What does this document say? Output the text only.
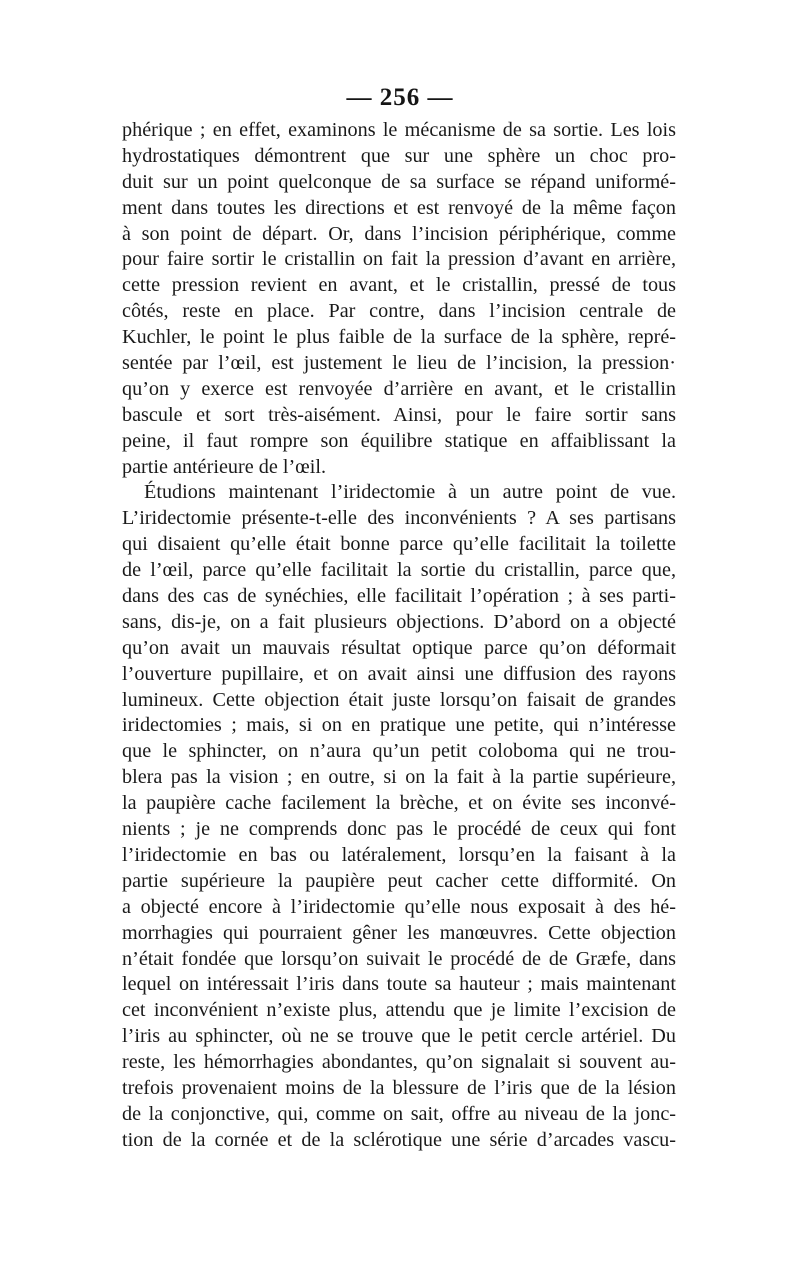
— 256 —
phérique ; en effet, examinons le mécanisme de sa sortie. Les lois
hydrostatiques démontrent que sur une sphère un choc pro-
duit sur un point quelconque de sa surface se répand uniformé-
ment dans toutes les directions et est renvoyé de la même façon
à son point de départ. Or, dans l’incision périphérique, comme
pour faire sortir le cristallin on fait la pression d’avant en arrière,
cette pression revient en avant, et le cristallin, pressé de tous
côtés, reste en place. Par contre, dans l’incision centrale de
Kuchler, le point le plus faible de la surface de la sphère, repré-
sentée par l’œil, est justement le lieu de l’incision, la pression·
qu’on y exerce est renvoyée d’arrière en avant, et le cristallin
bascule et sort très-aisément. Ainsi, pour le faire sortir sans
peine, il faut rompre son équilibre statique en affaiblissant la
partie antérieure de l’œil.
Étudions maintenant l’iridectomie à un autre point de vue.
L’iridectomie présente-t-elle des inconvénients ? A ses partisans
qui disaient qu’elle était bonne parce qu’elle facilitait la toilette
de l’œil, parce qu’elle facilitait la sortie du cristallin, parce que,
dans des cas de synéchies, elle facilitait l’opération ; à ses parti-
sans, dis-je, on a fait plusieurs objections. D’abord on a objecté
qu’on avait un mauvais résultat optique parce qu’on déformait
l’ouverture pupillaire, et on avait ainsi une diffusion des rayons
lumineux. Cette objection était juste lorsqu’on faisait de grandes
iridectomies ; mais, si on en pratique une petite, qui n’intéresse
que le sphincter, on n’aura qu’un petit coloboma qui ne trou-
blera pas la vision ; en outre, si on la fait à la partie supérieure,
la paupière cache facilement la brèche, et on évite ses inconvé-
nients ; je ne comprends donc pas le procédé de ceux qui font
l’iridectomie en bas ou latéralement, lorsqu’en la faisant à la
partie supérieure la paupière peut cacher cette difformité. On
a objecté encore à l’iridectomie qu’elle nous exposait à des hé-
morrhagies qui pourraient gêner les manœuvres. Cette objection
n’était fondée que lorsqu’on suivait le procédé de de Græfe, dans
lequel on intéressait l’iris dans toute sa hauteur ; mais maintenant
cet inconvénient n’existe plus, attendu que je limite l’excision de
l’iris au sphincter, où ne se trouve que le petit cercle artériel. Du
reste, les hémorrhagies abondantes, qu’on signalait si souvent au-
trefois provenaient moins de la blessure de l’iris que de la lésion
de la conjonctive, qui, comme on sait, offre au niveau de la jonc-
tion de la cornée et de la sclérotique une série d’arcades vascu-
